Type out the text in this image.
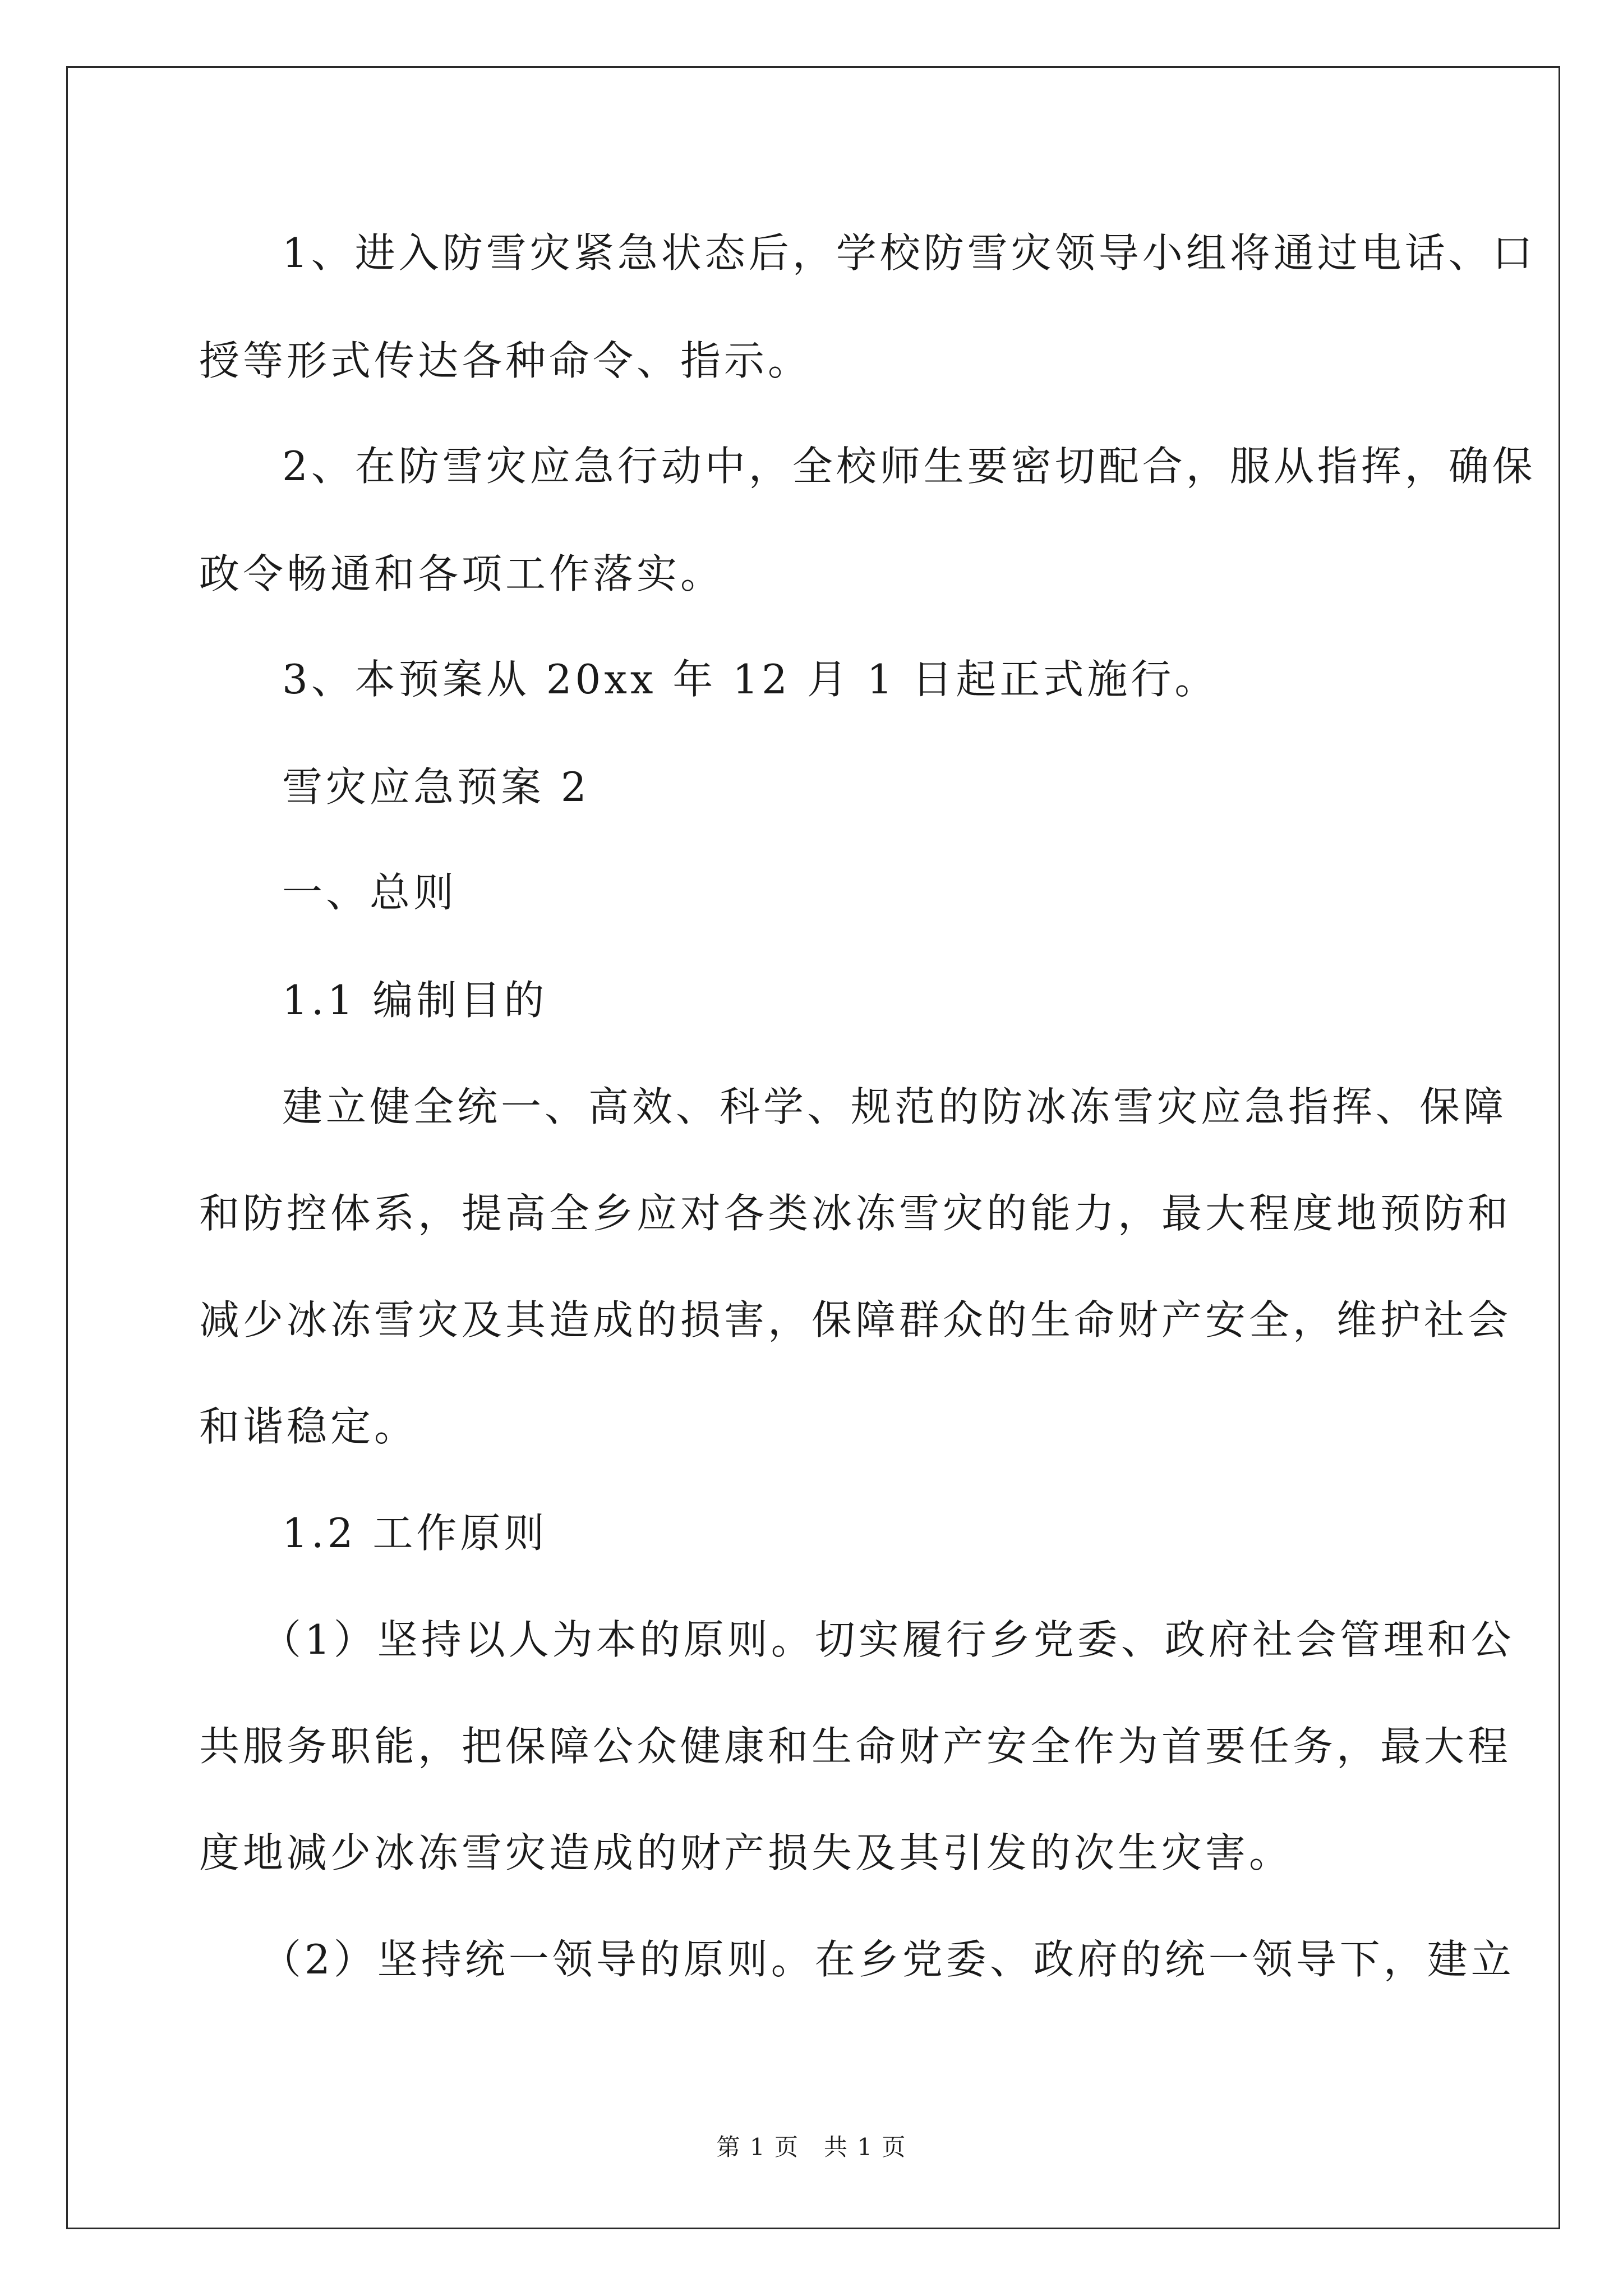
1、进入防雪灾紧急状态后，学校防雪灾领导小组将通过电话、口
授等形式传达各种命令、指示。
2、在防雪灾应急行动中，全校师生要密切配合，服从指挥，确保
政令畅通和各项工作落实。
3、本预案从 20xx 年 12 月 1 日起正式施行。
雪灾应急预案 2
一、总则
1.1 编制目的
建立健全统一、高效、科学、规范的防冰冻雪灾应急指挥、保障
和防控体系，提高全乡应对各类冰冻雪灾的能力，最大程度地预防和
减少冰冻雪灾及其造成的损害，保障群众的生命财产安全，维护社会
和谐稳定。
1.2 工作原则
（1）坚持以人为本的原则。切实履行乡党委、政府社会管理和公
共服务职能，把保障公众健康和生命财产安全作为首要任务，最大程
度地减少冰冻雪灾造成的财产损失及其引发的次生灾害。
（2）坚持统一领导的原则。在乡党委、政府的统一领导下，建立
第 1 页　共 1 页
